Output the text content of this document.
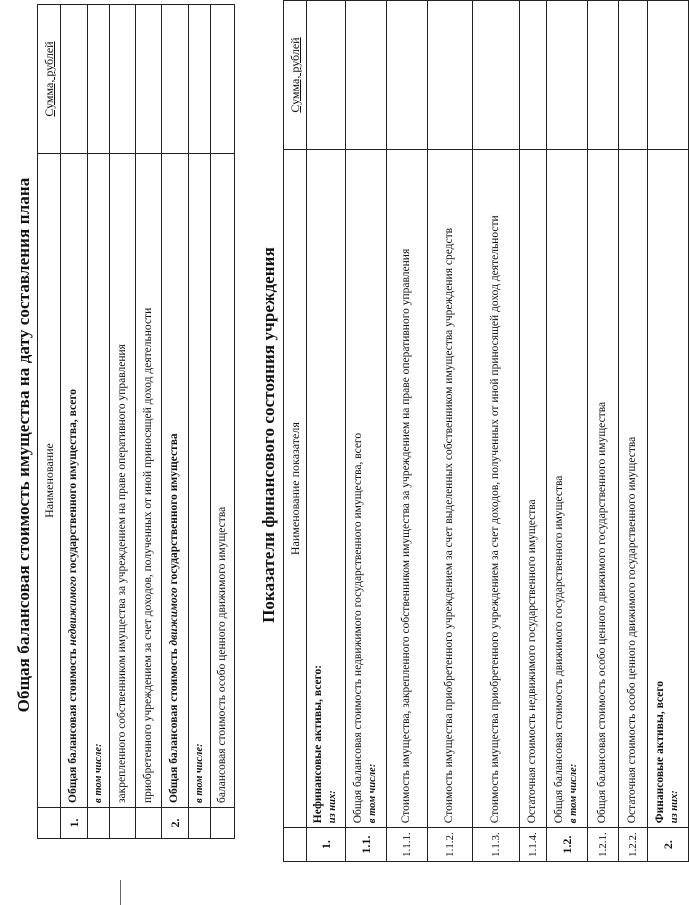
Общая балансовая стоимость имущества на дату составления плана
	Наименование	Сумма, рублей
1.	Общая балансовая стоимость недвижимого государственного имущества, всего	
	в том числе:	
	закрепленного собственником имущества за учреждением на праве оперативного управления	
	приобретенного учреждением за счет доходов, полученных от иной приносящей доход деятельности	
2.	Общая балансовая стоимость движимого государственного имущества	
	в том числе:	
	балансовая стоимость особо ценного движимого имущества	
Показатели финансового состояния учреждения
	Наименование показателя	Сумма, рублей
1.	Нефинансовые активы, всего: из них:	
1.1.	Общая балансовая стоимость недвижимого государственного имущества, всего в том числе:	
1.1.1.	Стоимость имущества, закрепленного собственником имущества за учреждением на праве оперативного управления	
1.1.2.	Стоимость имущества приобретенного учреждением за счет выделенных собственником имущества учреждения средств	
1.1.3.	Стоимость имущества приобретенного учреждением за счет доходов, полученных от иной приносящей доход деятельности	
1.1.4.	Остаточная стоимость недвижимого государственного имущества	
1.2.	Общая балансовая стоимость движимого государственного имущества в том числе:	
1.2.1.	Общая балансовая стоимость особо ценного движимого государственного имущества	
1.2.2.	Остаточная стоимость особо ценного движимого государственного имущества	
2.	Финансовые активы, всего из них:	
